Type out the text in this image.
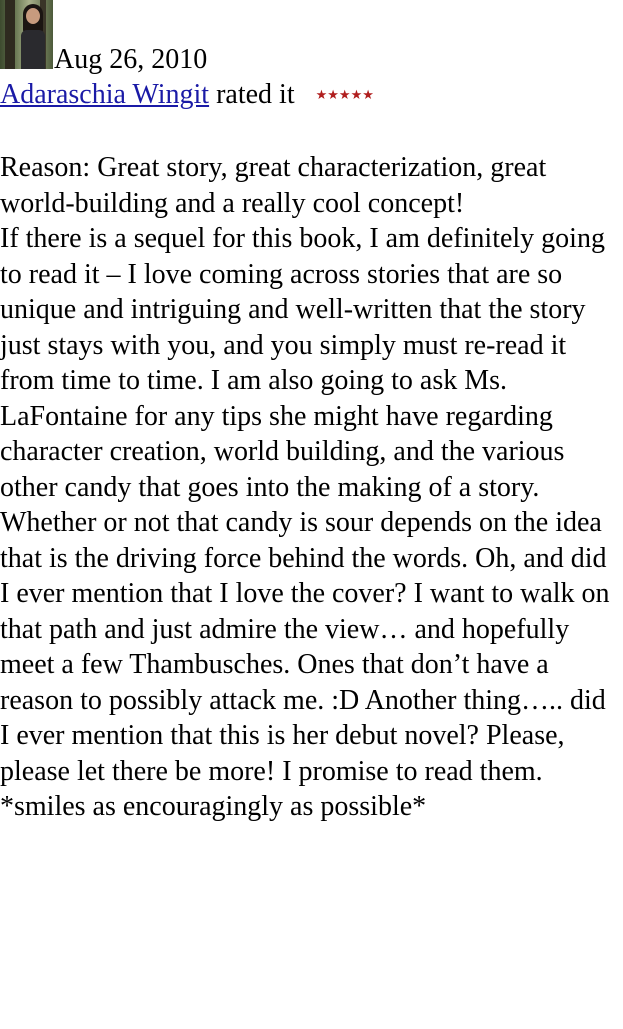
Aug 26, 2010
Adaraschia Wingit rated it ★★★★★

Reason: Great story, great characterization, great world-building and a really cool concept!

If there is a sequel for this book, I am definitely going to read it – I love coming across stories that are so unique and intriguing and well-written that the story just stays with you, and you simply must re-read it from time to time. I am also going to ask Ms. LaFontaine for any tips she might have regarding character creation, world building, and the various other candy that goes into the making of a story. Whether or not that candy is sour depends on the idea that is the driving force behind the words. Oh, and did I ever mention that I love the cover? I want to walk on that path and just admire the view… and hopefully meet a few Thambusches. Ones that don’t have a reason to possibly attack me. :D Another thing….. did I ever mention that this is her debut novel? Please, please let there be more! I promise to read them. *smiles as encouragingly as possible*
